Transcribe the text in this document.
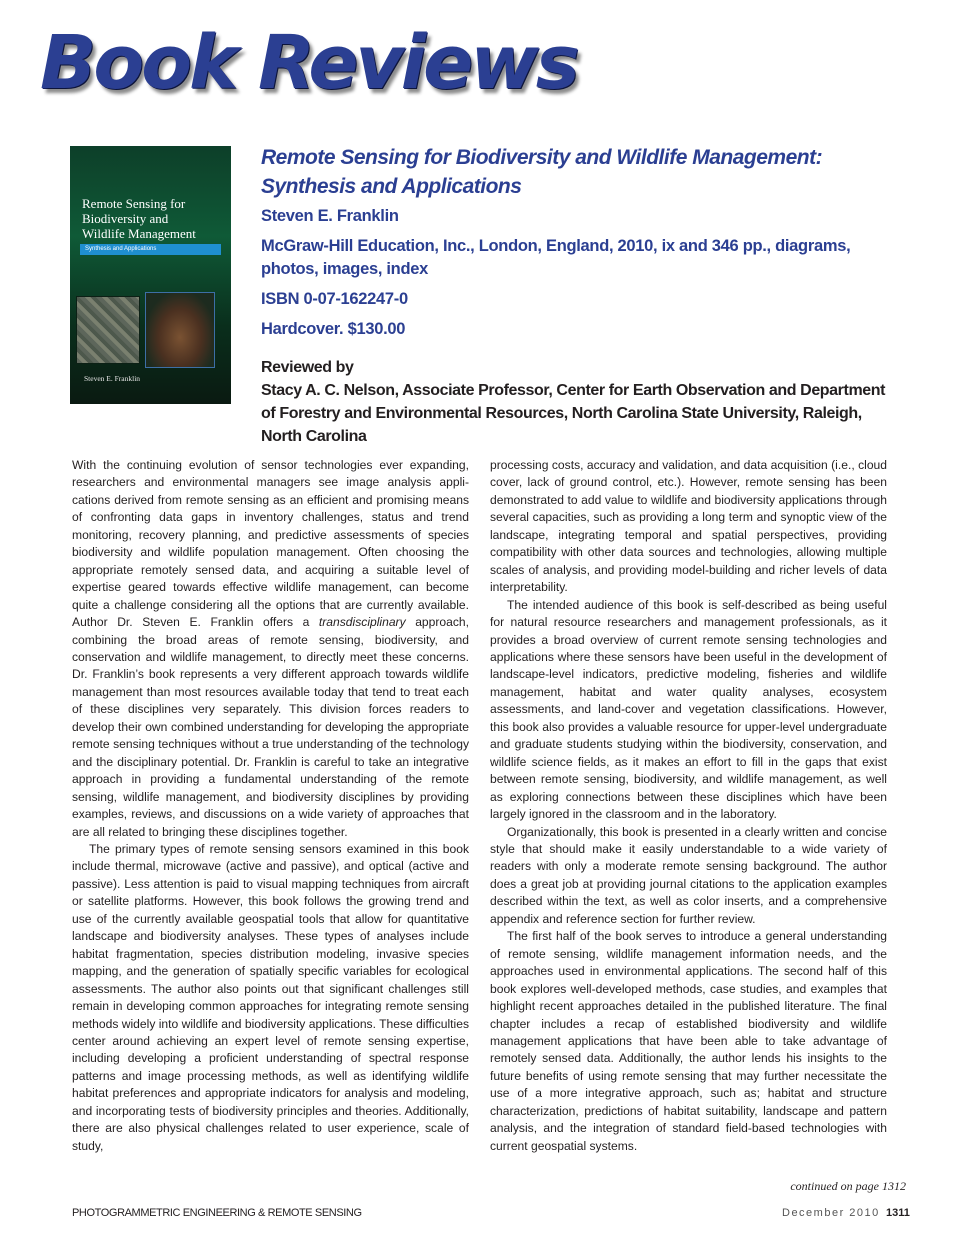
Book Reviews
Remote Sensing for
Biodiversity and
Wildlife Management
Synthesis and Applications
Steven E. Franklin

Remote Sensing for Biodiversity and Wildlife Management:

Synthesis and Applications

Steven E. Franklin

McGraw-Hill Education, Inc., London, England, 2010, ix and 346 pp., diagrams,

photos, images, index

ISBN 0-07-162247-0

Hardcover. $130.00

Reviewed by

Stacy A. C. Nelson, Associate Professor, Center for Earth Observation and Department

of Forestry and Environmental Resources, North Carolina State University, Raleigh,

North Carolina

With the continuing evolution of sensor technologies ever expanding, researchers and environmental managers see image analysis applications derived from remote sensing as an efficient and promising means of confronting data gaps in inventory challenges, status and trend monitoring, recovery planning, and predictive assessments of species biodiversity and wildlife population management. Often choosing the appropriate remotely sensed data, and acquiring a suitable level of expertise geared towards effective wildlife management, can become quite a challenge considering all the options that are currently available. Author Dr. Steven E. Franklin offers a transdisciplinary approach, combining the broad areas of remote sensing, biodiversity, and conservation and wildlife management, to directly meet these concerns. Dr. Franklin’s book represents a very different approach towards wildlife management than most resources available today that tend to treat each of these disciplines very separately. This division forces readers to develop their own combined understanding for developing the appropriate remote sensing techniques without a true understanding of the technology and the disciplinary potential. Dr. Franklin is careful to take an integrative approach in providing a fundamental understanding of the remote sensing, wildlife management, and biodiversity disciplines by providing examples, reviews, and discussions on a wide variety of approaches that are all related to bringing these disciplines together.

The primary types of remote sensing sensors examined in this book include thermal, microwave (active and passive), and optical (active and passive). Less attention is paid to visual mapping techniques from aircraft or satellite platforms. However, this book follows the growing trend and use of the currently available geospatial tools that allow for quantitative landscape and biodiversity analyses. These types of analyses include habitat fragmentation, species distribution modeling, invasive species mapping, and the generation of spatially specific variables for ecological assessments. The author also points out that significant challenges still remain in developing common approaches for integrating remote sensing methods widely into wildlife and biodiversity applications. These difficulties center around achieving an expert level of remote sensing expertise, including developing a proficient understanding of spectral response patterns and image processing methods, as well as identifying wildlife habitat preferences and appropriate indicators for analysis and modeling, and incorporating tests of biodiversity principles and theories. Additionally, there are also physical challenges related to user experience, scale of study,

processing costs, accuracy and validation, and data acquisition (i.e., cloud cover, lack of ground control, etc.). However, remote sensing has been demonstrated to add value to wildlife and biodiversity applications through several capacities, such as providing a long term and synoptic view of the landscape, integrating temporal and spatial perspectives, providing compatibility with other data sources and technologies, allowing multiple scales of analysis, and providing model-building and richer levels of data interpretability.

The intended audience of this book is self-described as being useful for natural resource researchers and management professionals, as it provides a broad overview of current remote sensing technologies and applications where these sensors have been useful in the development of landscape-level indicators, predictive modeling, fisheries and wildlife management, habitat and water quality analyses, ecosystem assessments, and land-cover and vegetation classifications. However, this book also provides a valuable resource for upper-level undergraduate and graduate students studying within the biodiversity, conservation, and wildlife science fields, as it makes an effort to fill in the gaps that exist between remote sensing, biodiversity, and wildlife management, as well as exploring connections between these disciplines which have been largely ignored in the classroom and in the laboratory.

Organizationally, this book is presented in a clearly written and concise style that should make it easily understandable to a wide variety of readers with only a moderate remote sensing background. The author does a great job at providing journal citations to the application examples described within the text, as well as color inserts, and a comprehensive appendix and reference section for further review.

The first half of the book serves to introduce a general understanding of remote sensing, wildlife management information needs, and the approaches used in environmental applications. The second half of this book explores well-developed methods, case studies, and examples that highlight recent approaches detailed in the published literature. The final chapter includes a recap of established biodiversity and wildlife management applications that have been able to take advantage of remotely sensed data. Additionally, the author lends his insights to the future benefits of using remote sensing that may further necessitate the use of a more integrative approach, such as; habitat and structure characterization, predictions of habitat suitability, landscape and pattern analysis, and the integration of standard field-based technologies with current geospatial systems.

continued on page 1312
PHOTOGRAMMETRIC ENGINEERING & REMOTE SENSING	December 2010 1311
